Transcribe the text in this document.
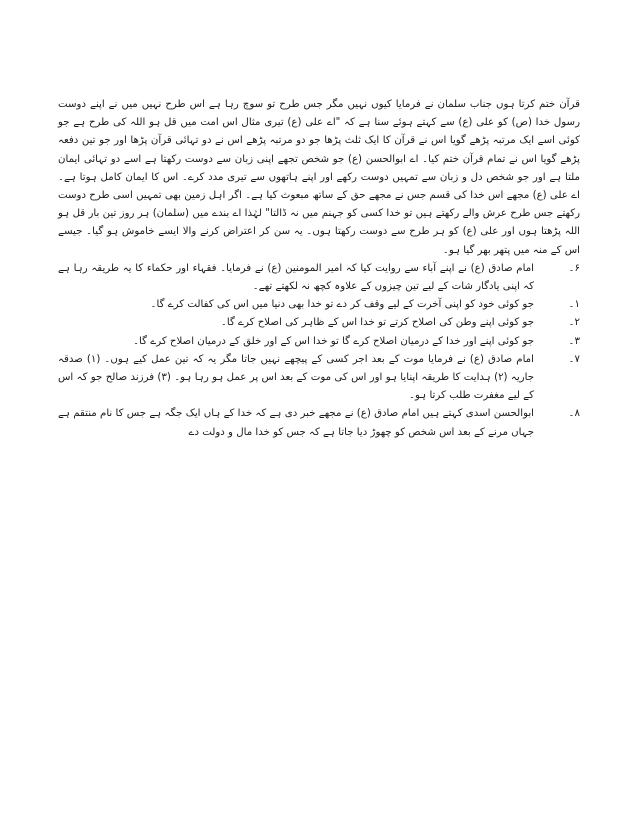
قرآن ختم کرتا ہوں جناب سلمان نے فرمایا کیوں نہیں مگر جس طرح تو سوچ رہا ہے اس طرح نہیں میں نے اپنے دوست رسول خدا (ص) کو علی (ع) سے کہتے ہوئے سنا ہے کہ "اے علی (ع) تیری مثال اس امت میں قل ہو اللہ کی طرح ہے جو کوئی اسے ایک مرتبہ پڑھے گویا اس نے قرآن کا ایک ثلث پڑھا جو دو مرتبہ پڑھے اس نے دو تہائی قرآن پڑھا اور جو تین دفعہ پڑھے گویا اس نے تمام قرآن ختم کیا۔ اے ابوالحسن (ع) جو شخص تجھے اپنی زبان سے دوست رکھتا ہے اسے دو تہائی ایمان ملتا ہے اور جو شخص دل و زبان سے تمہیں دوست رکھے اور اپنے ہاتھوں سے تیری مدد کرے۔ اس کا ایمان کامل ہوتا ہے۔ اے علی (ع) مجھے اس خدا کی قسم جس نے مجھے حق کے ساتھ مبعوث کیا ہے۔ اگر اہل زمین بھی تمہیں اسی طرح دوست رکھتے جس طرح عرش والے رکھتے ہیں تو خدا کسی کو جہنم میں نہ ڈالتا" لہٰذا اے بندے میں (سلمان) ہر روز تین بار قل ہو اللہ پڑھتا ہوں اور علی (ع) کو ہر طرح سے دوست رکھتا ہوں۔ یہ سن کر اعتراض کرنے والا ایسے خاموش ہو گیا۔ جیسے اس کے منہ میں پتھر بھر گیا ہو۔

۶۔
امام صادق (ع) نے اپنے آباء سے روایت کیا کہ امیر المومنین (ع) نے فرمایا۔ فقہاء اور حکماء کا یہ طریقہ رہا ہے کہ اپنی یادگار شات کے لیے تین چیزوں کے علاوہ کچھ نہ لکھتے تھے۔
۱۔
جو کوئی خود کو اپنی آخرت کے لیے وقف کر دے تو خدا بھی دنیا میں اس کی کفالت کرے گا۔
۲۔
جو کوئی اپنے وطن کی اصلاح کرتے تو خدا اس کے ظاہر کی اصلاح کرے گا۔
۳۔
جو کوئی اپنے اور خدا کے درمیان اصلاح کرے گا تو خدا اس کے اور خلق کے درمیان اصلاح کرے گا۔
۷۔
امام صادق (ع) نے فرمایا موت کے بعد اجر کسی کے پیچھے نہیں جاتا مگر یہ کہ تین عمل کیے ہوں۔ (۱) صدقہ جاریہ (۲) ہدایت کا طریقہ اپنایا ہو اور اس کی موت کے بعد اس پر عمل ہو رہا ہو۔ (۳) فرزند صالح جو کہ اس کے لیے مغفرت طلب کرتا ہو۔
۸۔
ابوالحسن اسدی کہتے ہیں امام صادق (ع) نے مجھے خبر دی ہے کہ خدا کے ہاں ایک جگہ ہے جس کا نام منتقم ہے جہاں مرنے کے بعد اس شخص کو چھوڑ دیا جاتا ہے کہ جس کو خدا مال و دولت دے
